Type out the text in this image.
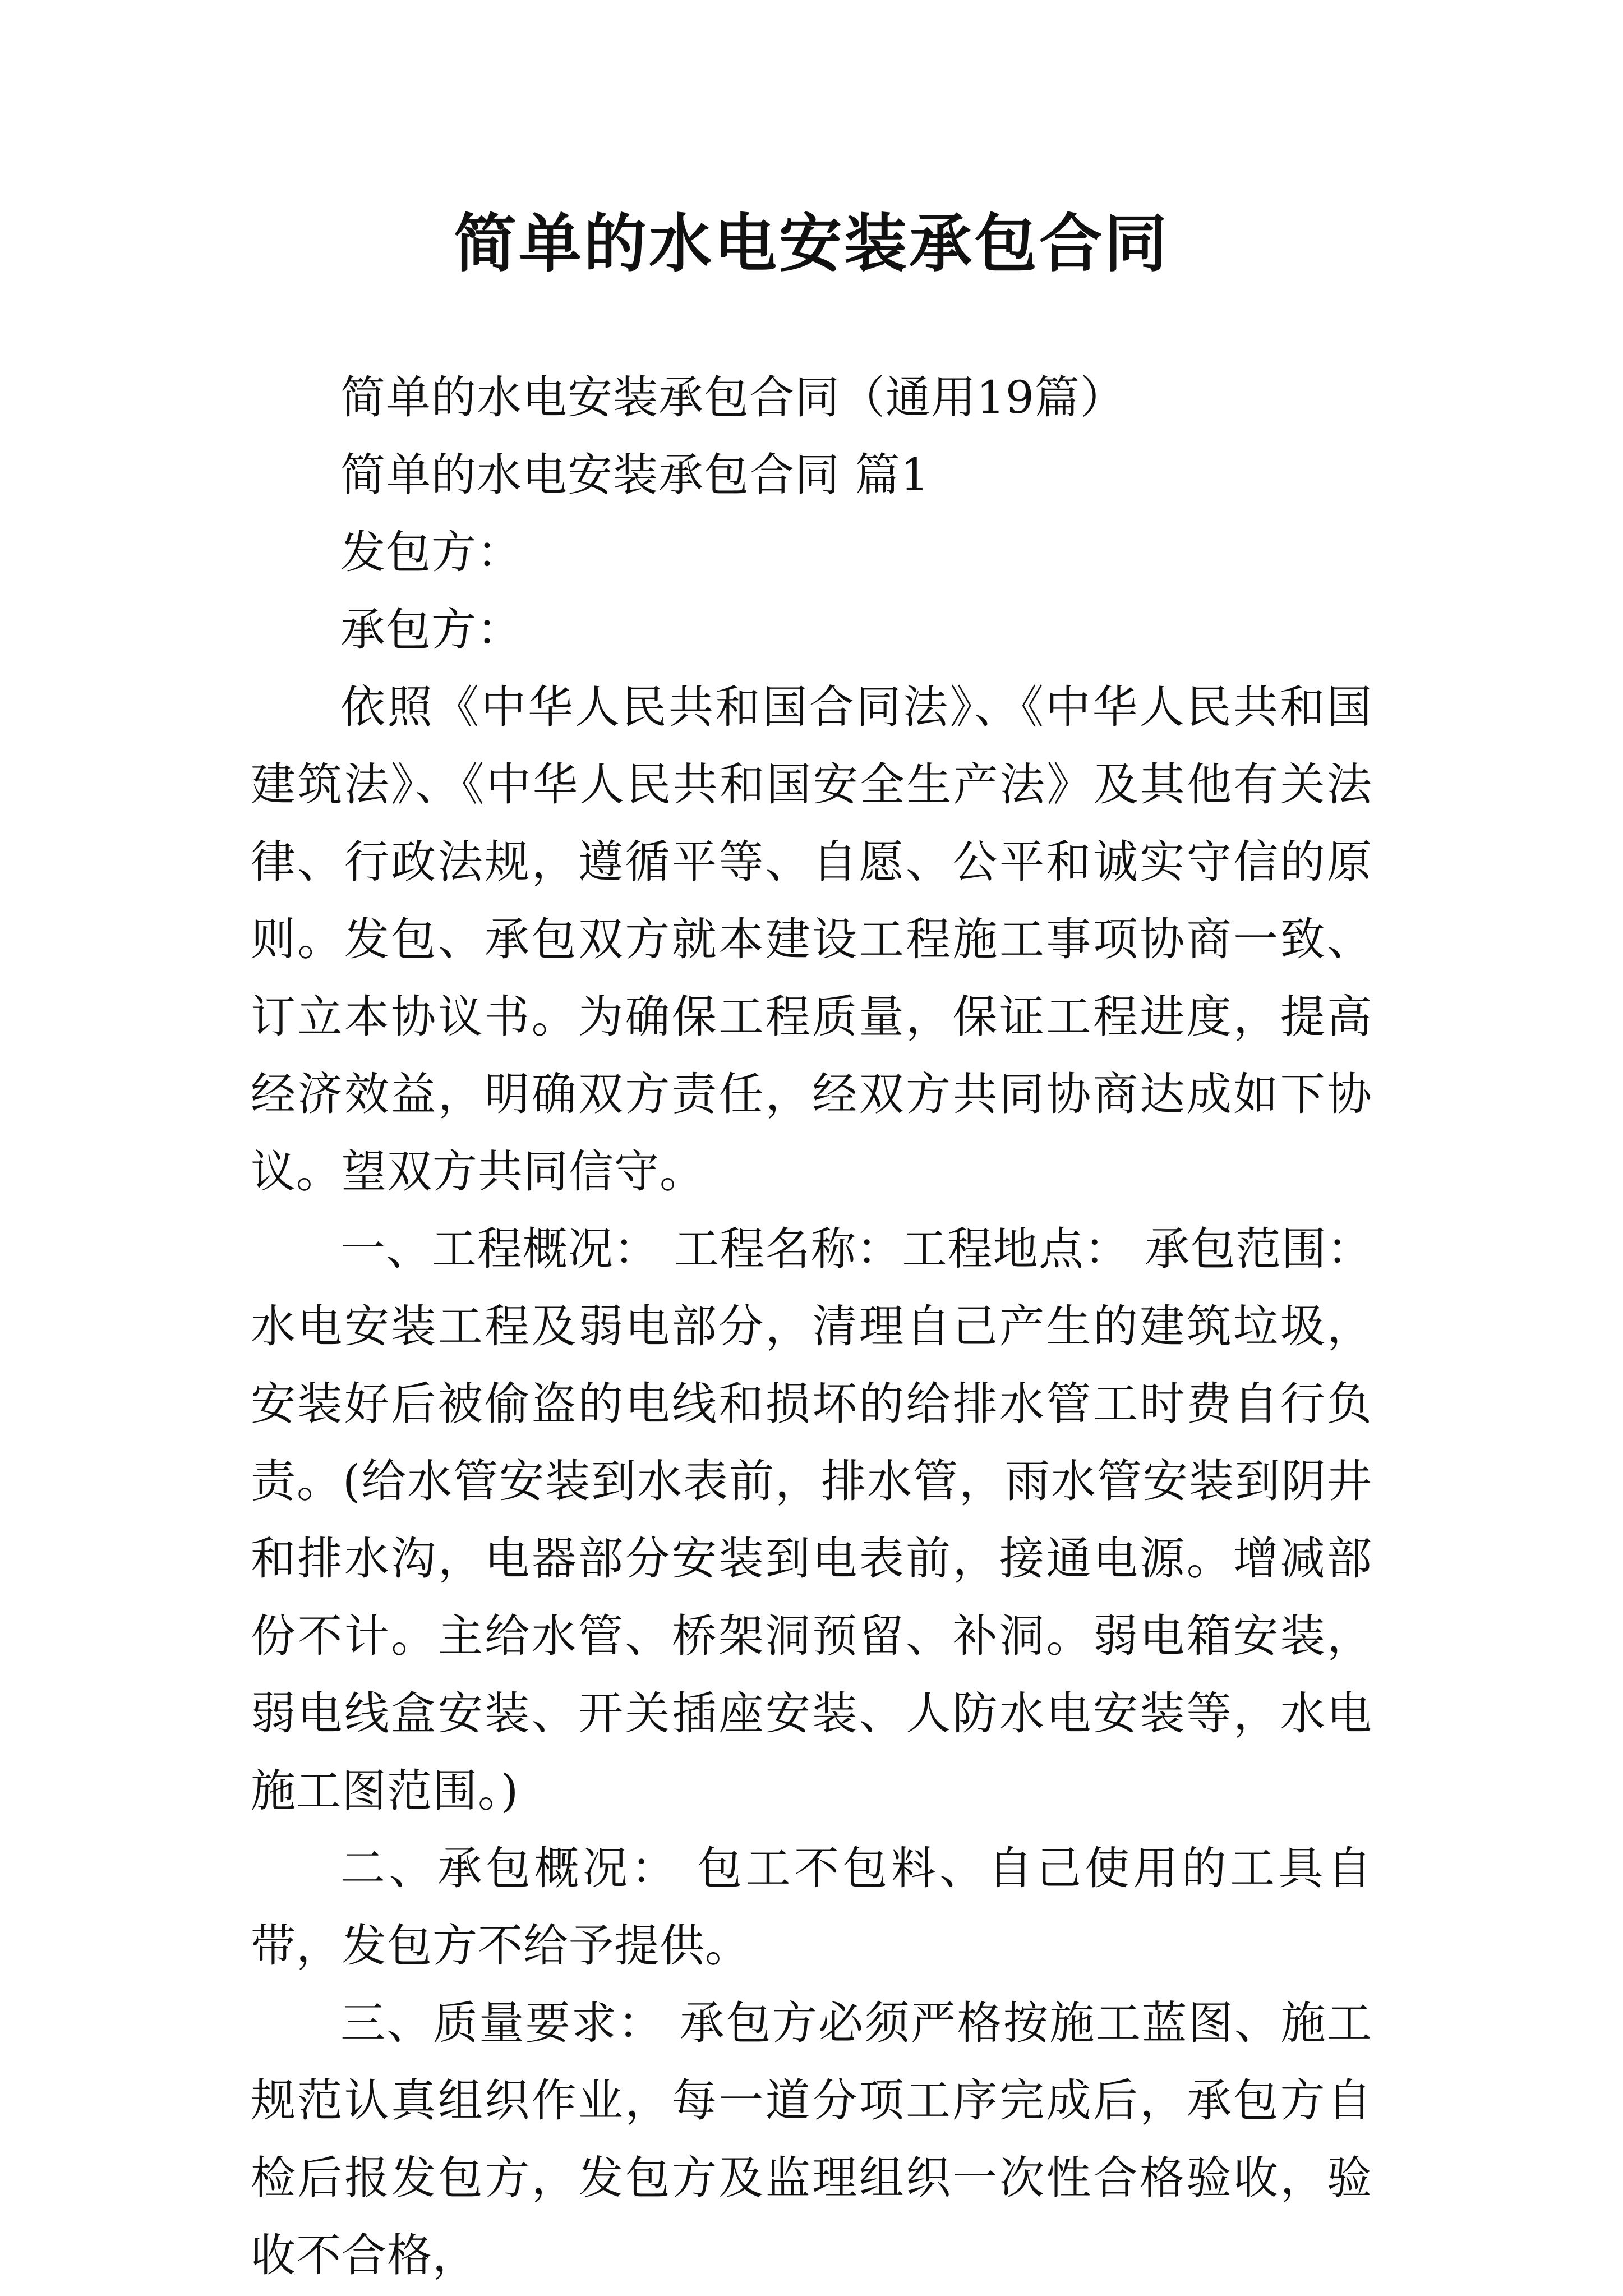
简单的水电安装承包合同

简单的水电安装承包合同（通用19篇）

简单的水电安装承包合同 篇1

发包方：

承包方：

依照《中华人民共和国合同法》、《中华人民共和国建筑法》、《中华人民共和国安全生产法》及其他有关法律、行政法规，遵循平等、自愿、公平和诚实守信的原则。发包、承包双方就本建设工程施工事项协商一致、订立本协议书。为确保工程质量，保证工程进度，提高经济效益，明确双方责任，经双方共同协商达成如下协议。望双方共同信守。

一、工程概况： 工程名称：工程地点： 承包范围：水电安装工程及弱电部分，清理自己产生的建筑垃圾，安装好后被偷盗的电线和损坏的给排水管工时费自行负责。(给水管安装到水表前，排水管，雨水管安装到阴井和排水沟，电器部分安装到电表前，接通电源。增减部份不计。主给水管、桥架洞预留、补洞。弱电箱安装，弱电线盒安装、开关插座安装、人防水电安装等，水电施工图范围。)

二、承包概况： 包工不包料、自己使用的工具自带，发包方不给予提供。

三、质量要求： 承包方必须严格按施工蓝图、施工规范认真组织作业，每一道分项工序完成后，承包方自检后报发包方，发包方及监理组织一次性合格验收，验收不合格，
